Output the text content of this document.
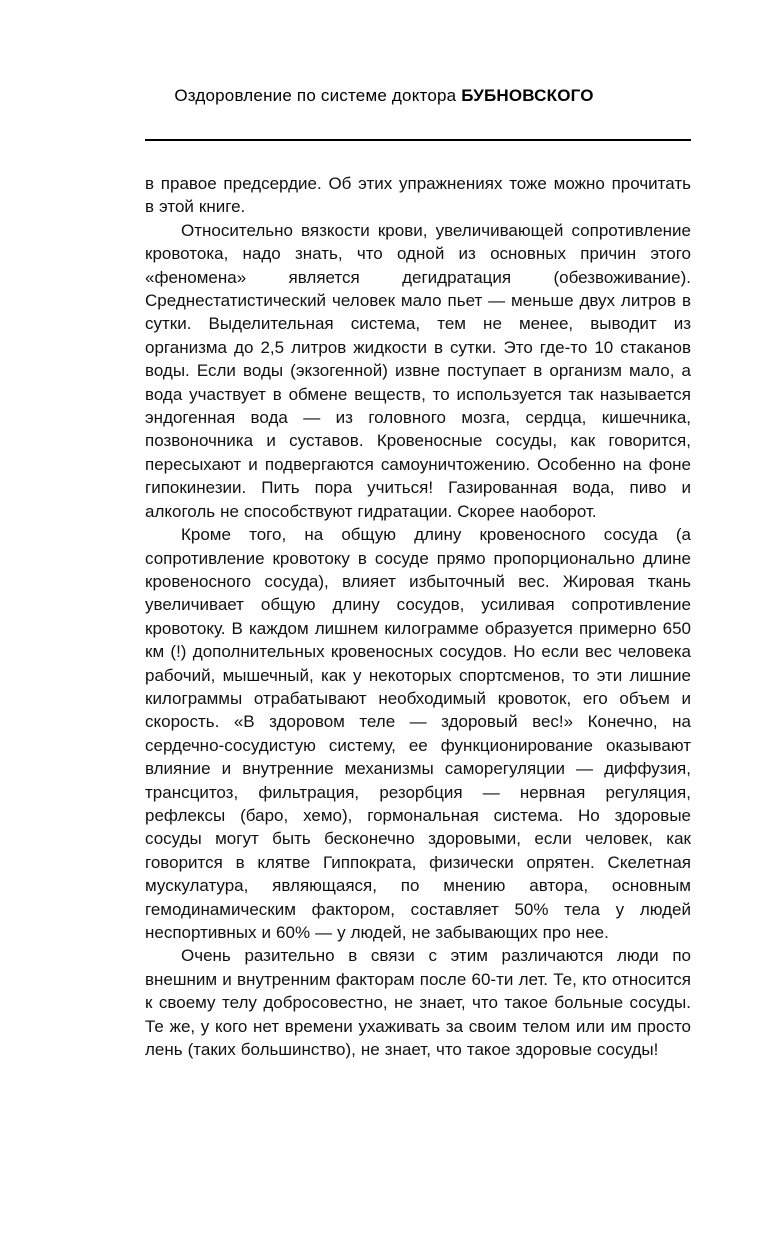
Оздоровление по системе доктора БУБНОВСКОГО

в правое предсердие. Об этих упражнениях тоже можно прочитать в этой книге.

Относительно вязкости крови, увеличивающей сопротивление кровотока, надо знать, что одной из основных причин этого «феномена» является дегидратация (обезвоживание). Среднестатистический человек мало пьет — меньше двух литров в сутки. Выделительная система, тем не менее, выводит из организма до 2,5 литров жидкости в сутки. Это где-то 10 стаканов воды. Если воды (экзогенной) извне поступает в организм мало, а вода участвует в обмене веществ, то используется так называется эндогенная вода — из головного мозга, сердца, кишечника, позвоночника и суставов. Кровеносные сосуды, как говорится, пересыхают и подвергаются самоуничтожению. Особенно на фоне гипокинезии. Пить пора учиться! Газированная вода, пиво и алкоголь не способствуют гидратации. Скорее наоборот.

Кроме того, на общую длину кровеносного сосуда (а сопротивление кровотоку в сосуде прямо пропорционально длине кровеносного сосуда), влияет избыточный вес. Жировая ткань увеличивает общую длину сосудов, усиливая сопротивление кровотоку. В каждом лишнем килограмме образуется примерно 650 км (!) дополнительных кровеносных сосудов. Но если вес человека рабочий, мышечный, как у некоторых спортсменов, то эти лишние килограммы отрабатывают необходимый кровоток, его объем и скорость. «В здоровом теле — здоровый вес!» Конечно, на сердечно-сосудистую систему, ее функционирование оказывают влияние и внутренние механизмы саморегуляции — диффузия, трансцитоз, фильтрация, резорбция — нервная регуляция, рефлексы (баро, хемо), гормональная система. Но здоровые сосуды могут быть бесконечно здоровыми, если человек, как говорится в клятве Гиппократа, физически опрятен. Скелетная мускулатура, являющаяся, по мнению автора, основным гемодинамическим фактором, составляет 50% тела у людей неспортивных и 60% — у людей, не забывающих про нее.

Очень разительно в связи с этим различаются люди по внешним и внутренним факторам после 60-ти лет. Те, кто относится к своему телу добросовестно, не знает, что такое больные сосуды. Те же, у кого нет времени ухаживать за своим телом или им просто лень (таких большинство), не знает, что такое здоровые сосуды!
